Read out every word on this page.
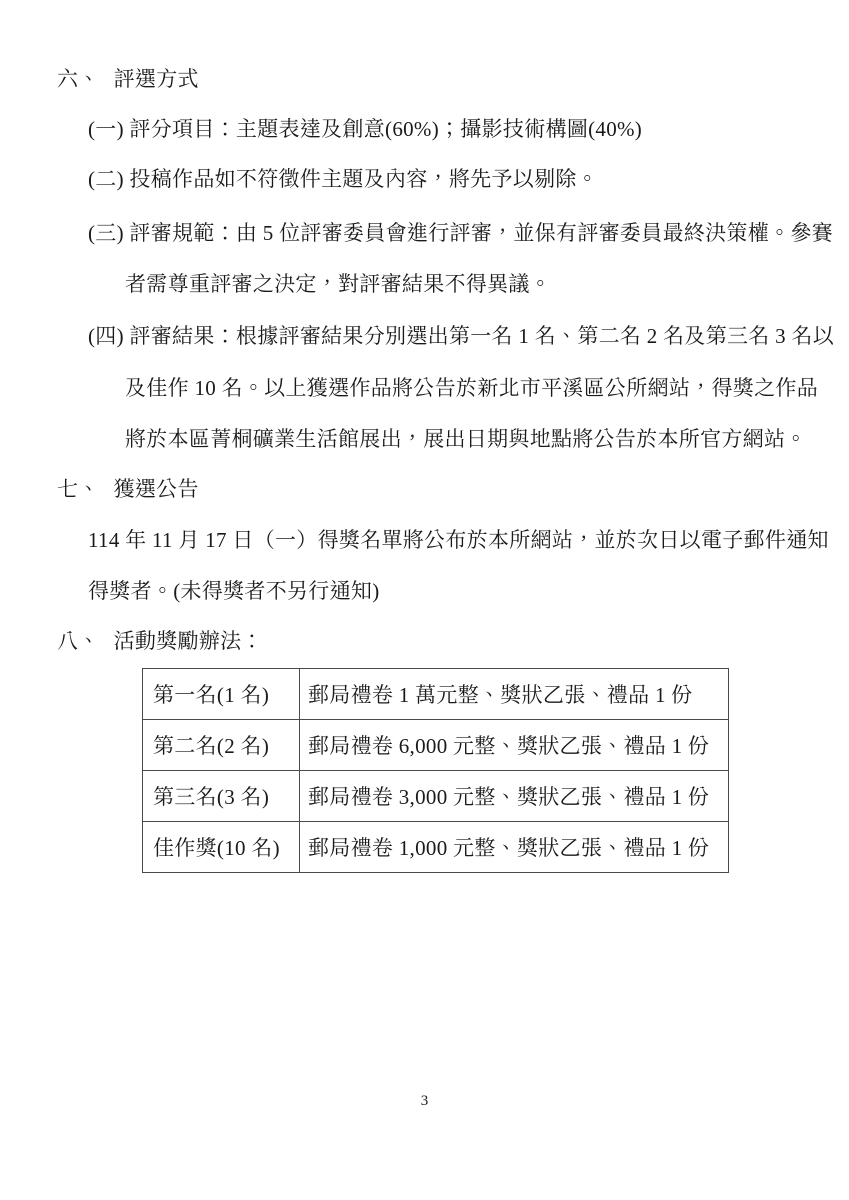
六、 評選方式
(一) 評分項目：主題表達及創意(60%)；攝影技術構圖(40%)
(二) 投稿作品如不符徵件主題及內容，將先予以剔除。
(三) 評審規範：由 5 位評審委員會進行評審，並保有評審委員最終決策權。參賽
者需尊重評審之決定，對評審結果不得異議。
(四) 評審結果：根據評審結果分別選出第一名 1 名、第二名 2 名及第三名 3 名以
及佳作 10 名。以上獲選作品將公告於新北市平溪區公所網站，得獎之作品
將於本區菁桐礦業生活館展出，展出日期與地點將公告於本所官方網站。
七、 獲選公告
114 年 11 月 17 日（一）得獎名單將公布於本所網站，並於次日以電子郵件通知
得獎者。(未得獎者不另行通知)
八、 活動獎勵辦法：
第一名(1 名)	郵局禮卷 1 萬元整、獎狀乙張、禮品 1 份
第二名(2 名)	郵局禮卷 6,000 元整、獎狀乙張、禮品 1 份
第三名(3 名)	郵局禮卷 3,000 元整、獎狀乙張、禮品 1 份
佳作獎(10 名)	郵局禮卷 1,000 元整、獎狀乙張、禮品 1 份
3
